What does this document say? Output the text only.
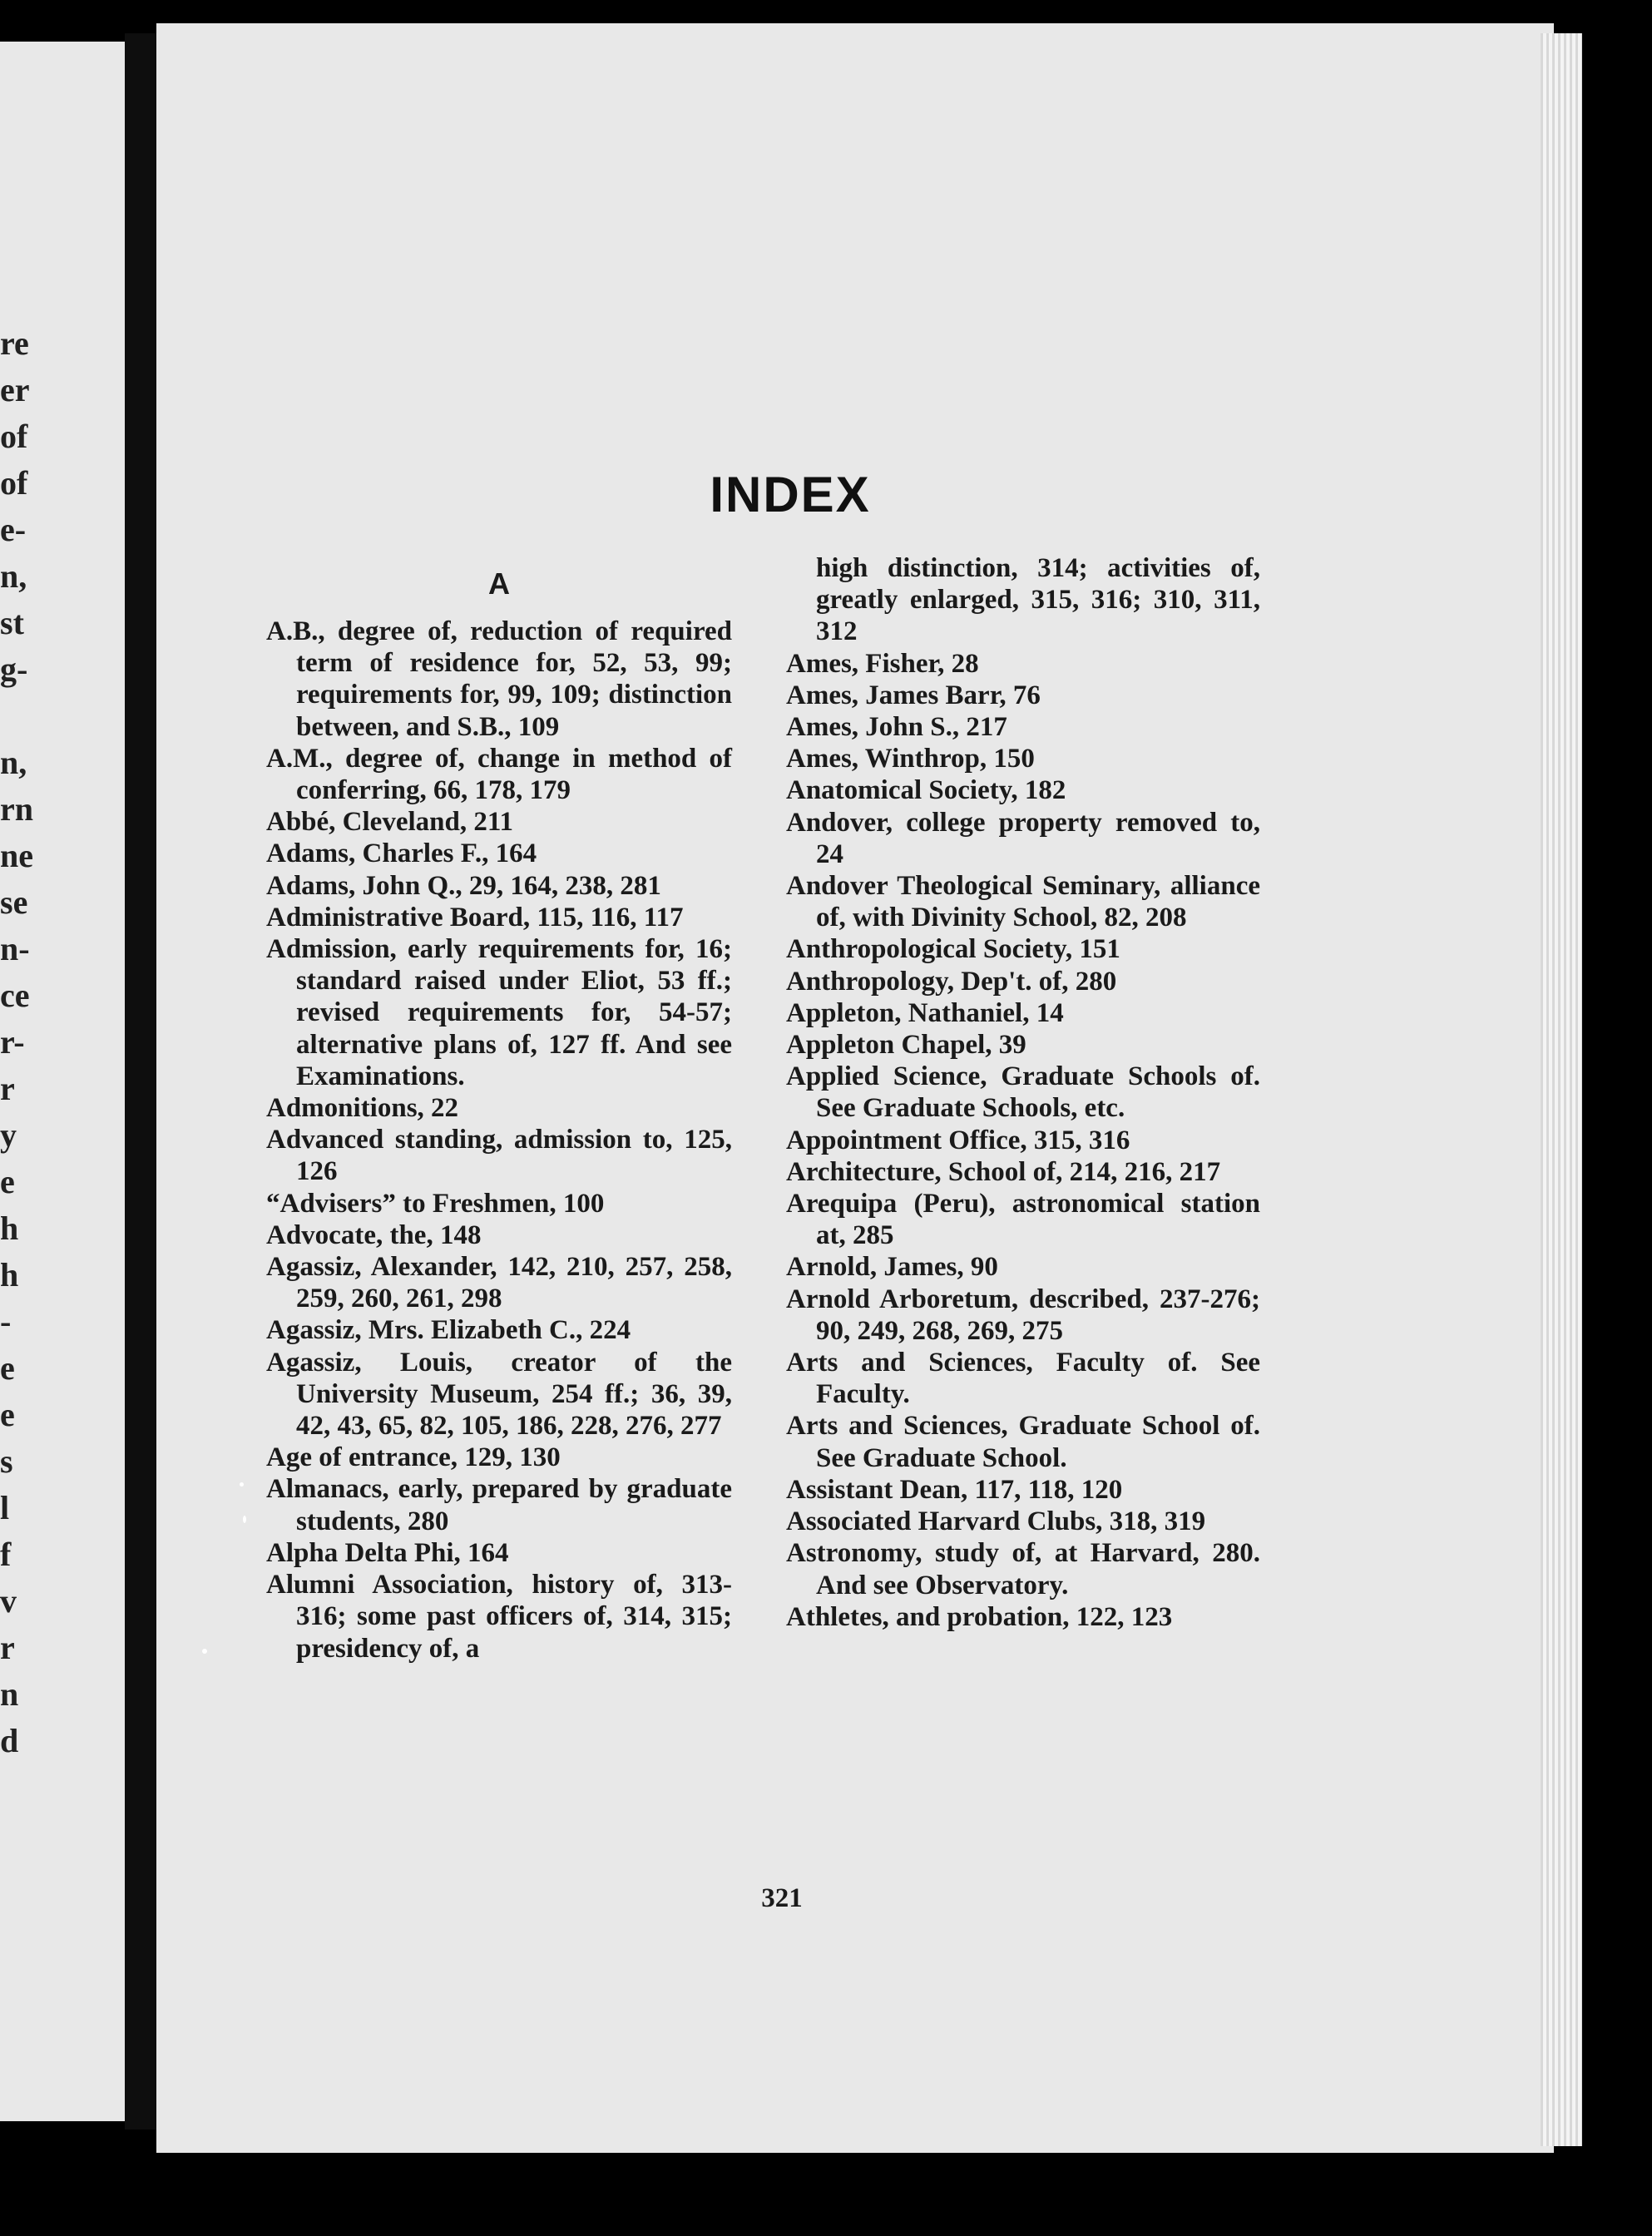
re
er
of
of
e-
n,
st
g-
n,
rn
ne
se
n-
ce
r-
r
y
e
h
h
-
e
e
s
l
f
v
r
n
d
INDEX
A
A.B., degree of, reduction of required term of residence for, 52, 53, 99; requirements for, 99, 109; distinction between, and S.B., 109
A.M., degree of, change in method of conferring, 66, 178, 179
Abbé, Cleveland, 211
Adams, Charles F., 164
Adams, John Q., 29, 164, 238, 281
Administrative Board, 115, 116, 117
Admission, early requirements for, 16; standard raised under Eliot, 53 ff.; revised requirements for, 54-57; alternative plans of, 127 ff. And see Examinations.
Admonitions, 22
Advanced standing, admission to, 125, 126
“Advisers” to Freshmen, 100
Advocate, the, 148
Agassiz, Alexander, 142, 210, 257, 258, 259, 260, 261, 298
Agassiz, Mrs. Elizabeth C., 224
Agassiz, Louis, creator of the University Museum, 254 ff.; 36, 39, 42, 43, 65, 82, 105, 186, 228, 276, 277
Age of entrance, 129, 130
Almanacs, early, prepared by graduate students, 280
Alpha Delta Phi, 164
Alumni Association, history of, 313-316; some past officers of, 314, 315; presidency of, a
high distinction, 314; activities of, greatly enlarged, 315, 316; 310, 311, 312
Ames, Fisher, 28
Ames, James Barr, 76
Ames, John S., 217
Ames, Winthrop, 150
Anatomical Society, 182
Andover, college property removed to, 24
Andover Theological Seminary, alliance of, with Divinity School, 82, 208
Anthropological Society, 151
Anthropology, Dep't. of, 280
Appleton, Nathaniel, 14
Appleton Chapel, 39
Applied Science, Graduate Schools of. See Graduate Schools, etc.
Appointment Office, 315, 316
Architecture, School of, 214, 216, 217
Arequipa (Peru), astronomical station at, 285
Arnold, James, 90
Arnold Arboretum, described, 237-276; 90, 249, 268, 269, 275
Arts and Sciences, Faculty of. See Faculty.
Arts and Sciences, Graduate School of. See Graduate School.
Assistant Dean, 117, 118, 120
Associated Harvard Clubs, 318, 319
Astronomy, study of, at Harvard, 280. And see Observatory.
Athletes, and probation, 122, 123
321
